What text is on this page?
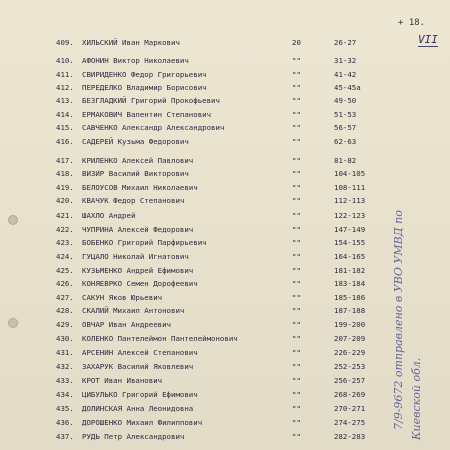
+ 18.
VII
409.	ХИЛЬСКИЙ Иван Маркович	20	26-27
410.	АФОНИН Виктор Николаевич	""	31-32
411.	СВИРИДЕНКО Федор Григорьевич	""	41-42
412.	ПЕРЕДЕЛКО Владимир Борисович	""	45-45а
413.	БЕЗГЛАДКИЙ Григорий Прокофьевич	""	49-50
414.	ЕРМАКОВИЧ Валентин Степанович	""	51-53
415.	САВЧЕНКО Александр Александрович	""	56-57
416.	САДЕРЕЙ Кузьма Федорович	""	62-63
417.	КРИЛЕНКО Алексей Павлович	""	81-82
418.	ВИЗИР Василий Викторович	""	104-105
419.	БЕЛОУСОВ Михаил Николаевич	""	108-111
420.	КВАЧУК Федор Степанович	""	112-113
421.	ШАХЛО Андрей	""	122-123
422.	ЧУПРИНА Алексей Федорович	""	147-149
423.	БОБЕНКО Григорий Парфирьевич	""	154-155
424.	ГУЦАЛО Николай Игнатович	""	164-165
425.	КУЗЬМЕНКО Андрей Ефимович	""	181-182
426.	КОНЯЕВРКО Семен Дорофеевич	""	183-184
427.	САКУН Яков Юрьевич	""	185-186
428.	СКАЛИЙ Михаил Антонович	""	187-188
429.	ОВЧАР Иван Андреевич	""	199-200
430.	КОЛЕНКО Пантелеймон Пантелеймонович	""	207-209
431.	АРСЕНИН Алексей Степанович	""	226-229
432.	ЗАХАРУК Василий Яковлевич	""	252-253
433.	КРОТ Иван Иванович	""	256-257
434.	ЦИБУЛЬКО Григорий Ефимович	""	268-269
435.	ДОЛИНСКАЯ Анна Леонидовна	""	270-271
436.	ДОРОШЕНКО Михаил Филиппович	""	274-275
437.	РУДЬ Петр Александрович	""	282-283
7/9-9672 отправлено в УВО УМВД по Киевской обл.
